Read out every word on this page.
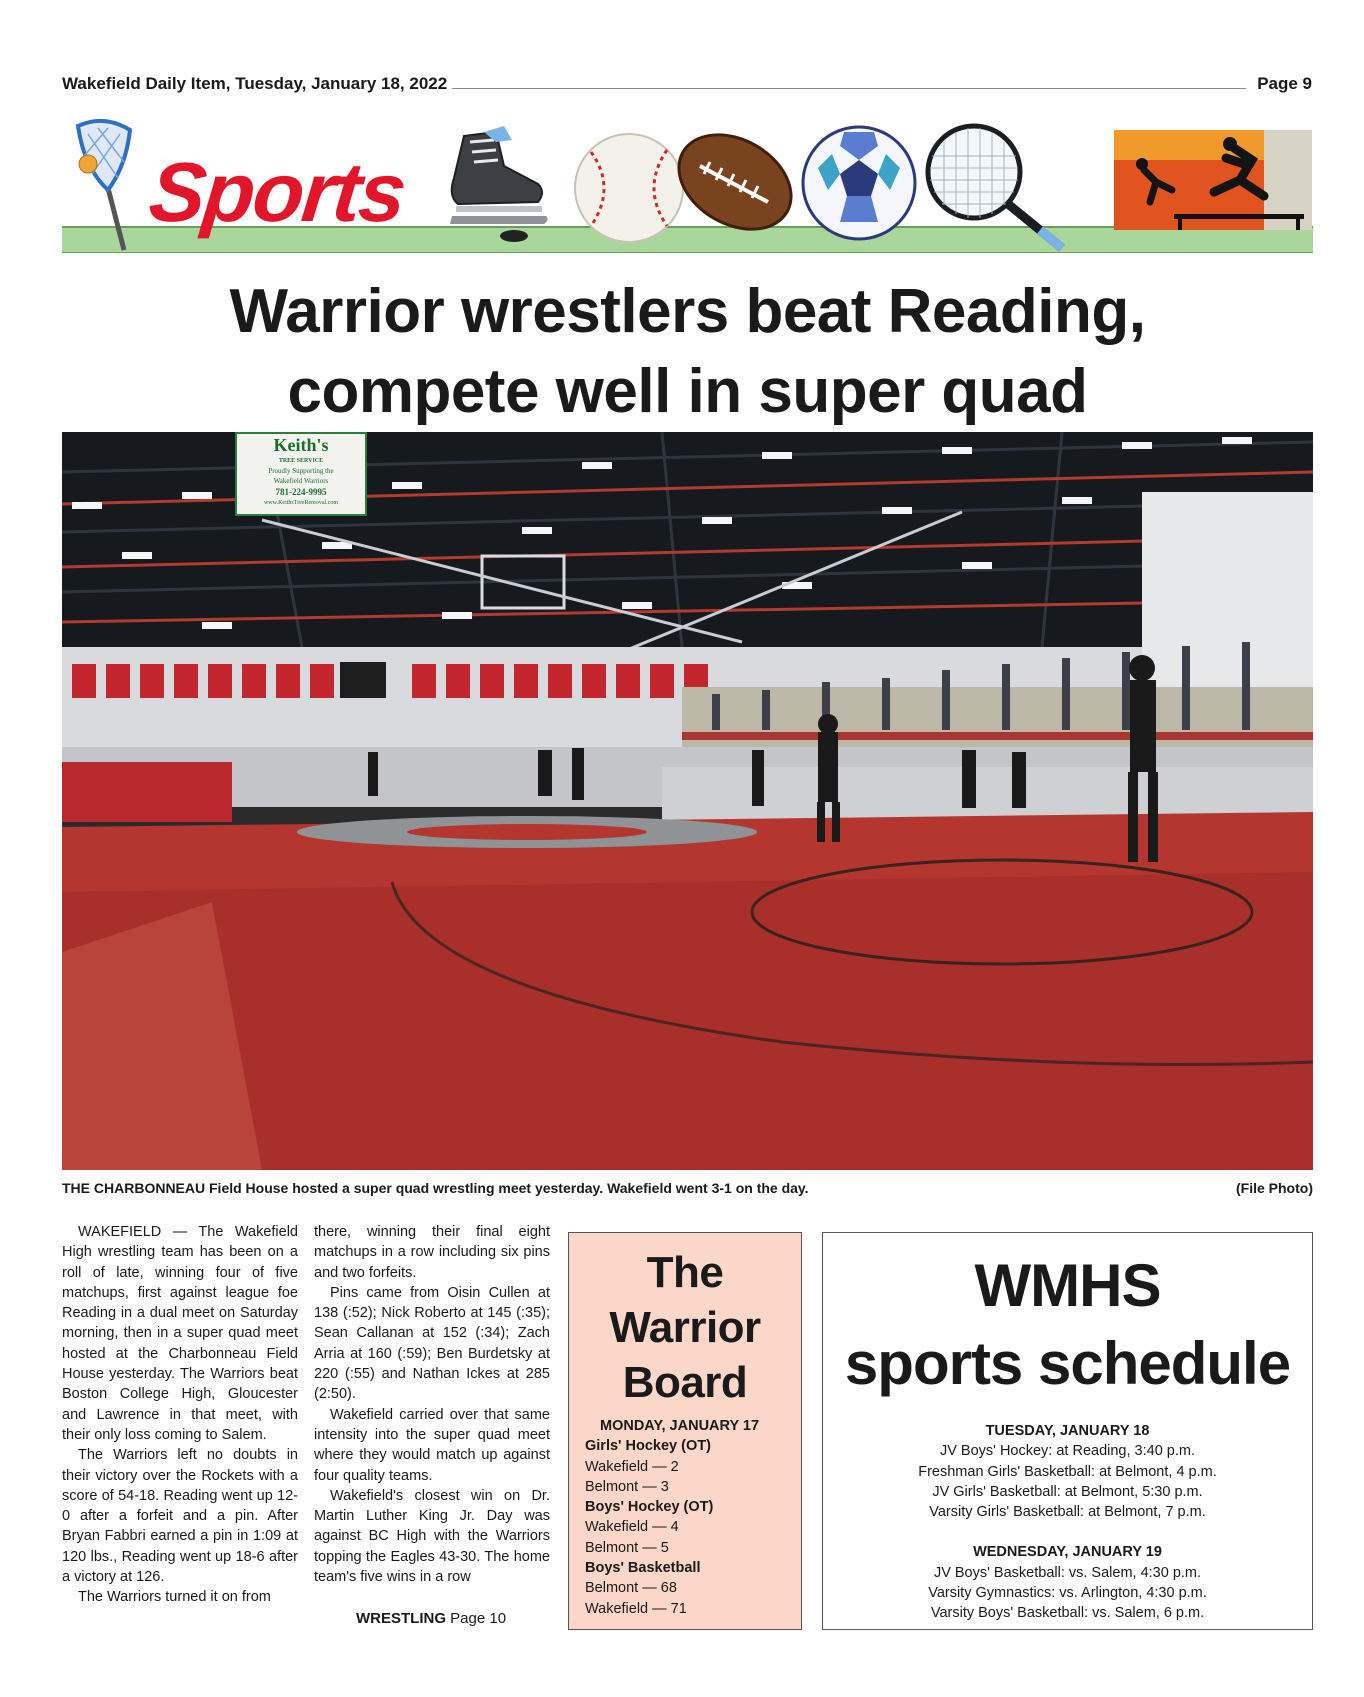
Wakefield Daily Item, Tuesday, January 18, 2022	Page 9
Sports
Warrior wrestlers beat Reading,
compete well in super quad
Keith's
TREE SERVICE
Proudly Supporting the
Wakefield Warriors
781-224-9995
www.KeithsTreeRemoval.com
THE CHARBONNEAU Field House hosted a super quad wrestling meet yesterday. Wakefield went 3-1 on the day.	(File Photo)

WAKEFIELD — The Wakefield High wrestling team has been on a roll of late, winning four of five matchups, first against league foe Reading in a dual meet on Saturday morning, then in a super quad meet hosted at the Charbonneau Field House yesterday. The Warriors beat Boston College High, Gloucester and Lawrence in that meet, with their only loss coming to Salem.

The Warriors left no doubts in their victory over the Rockets with a score of 54-18. Reading went up 12-0 after a forfeit and a pin. After Bryan Fabbri earned a pin in 1:09 at 120 lbs., Reading went up 18-6 after a victory at 126.

The Warriors turned it on from

there, winning their final eight matchups in a row including six pins and two forfeits.

Pins came from Oisin Cullen at 138 (:52); Nick Roberto at 145 (:35); Sean Callanan at 152 (:34); Zach Arria at 160 (:59); Ben Burdetsky at 220 (:55) and Nathan Ickes at 285 (2:50).

Wakefield carried over that same intensity into the super quad meet where they would match up against four quality teams.

Wakefield's closest win on Dr. Martin Luther King Jr. Day was against BC High with the Warriors topping the Eagles 43-30. The home team's five wins in a row

WRESTLING Page 10
The
Warrior
Board
MONDAY, JANUARY 17
Girls' Hockey (OT)
Wakefield — 2
Belmont — 3
Boys' Hockey (OT)
Wakefield — 4
Belmont — 5
Boys' Basketball
Belmont — 68
Wakefield — 71
WMHS
sports schedule
TUESDAY, JANUARY 18
JV Boys' Hockey: at Reading, 3:40 p.m.
Freshman Girls' Basketball: at Belmont, 4 p.m.
JV Girls' Basketball: at Belmont, 5:30 p.m.
Varsity Girls' Basketball: at Belmont, 7 p.m.
WEDNESDAY, JANUARY 19
JV Boys' Basketball: vs. Salem, 4:30 p.m.
Varsity Gymnastics: vs. Arlington, 4:30 p.m.
Varsity Boys' Basketball: vs. Salem, 6 p.m.
